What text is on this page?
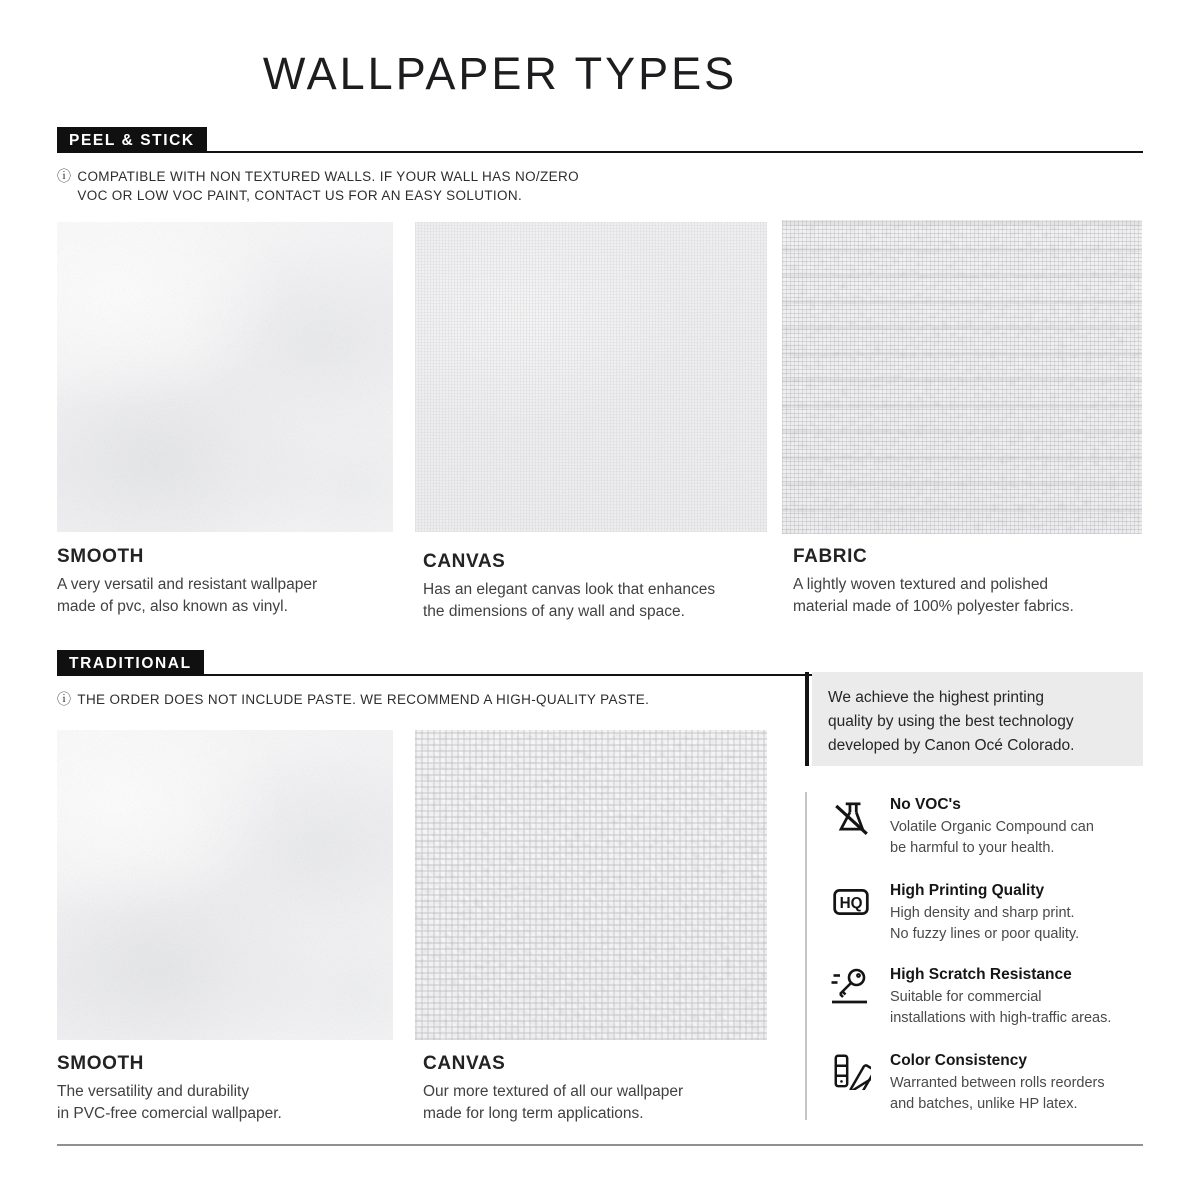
WALLPAPER TYPES
PEEL & STICK
ⓘ COMPATIBLE WITH NON TEXTURED WALLS. IF YOUR WALL HAS NO/ZERO
VOC OR LOW VOC PAINT, CONTACT US FOR AN EASY SOLUTION.
SMOOTH
A very versatil and resistant wallpaper
made of pvc, also known as vinyl.
CANVAS
Has an elegant canvas look that enhances
the dimensions of any wall and space.
FABRIC
A lightly woven textured and polished
material made of 100% polyester fabrics.
TRADITIONAL
ⓘ THE ORDER DOES NOT INCLUDE PASTE. WE RECOMMEND A HIGH-QUALITY PASTE.
SMOOTH
The versatility and durability
in PVC-free comercial wallpaper.
CANVAS
Our more textured of all our wallpaper
made for long term applications.
We achieve the highest printing
quality by using the best technology
developed by Canon Océ Colorado.
No VOC's
Volatile Organic Compound can
be harmful to your health.
HQ
High Printing Quality
High density and sharp print.
No fuzzy lines or poor quality.
High Scratch Resistance
Suitable for commercial
installations with high-traffic areas.
Color Consistency
Warranted between rolls reorders
and batches, unlike HP latex.
